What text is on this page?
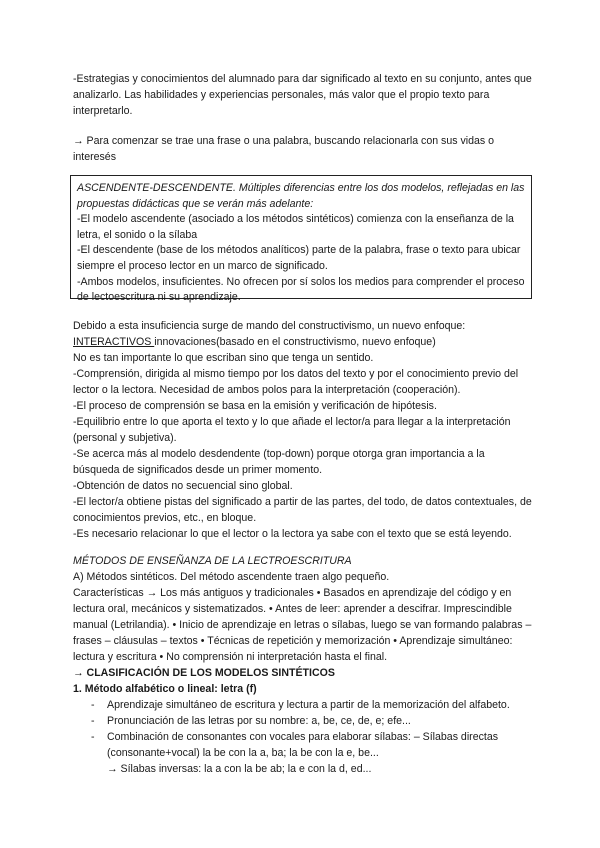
-Estrategias y conocimientos del alumnado para dar significado al texto en su conjunto, antes que analizarlo. Las habilidades y experiencias personales, más valor que el propio texto para interpretarlo.

→ Para comenzar se trae una frase o una palabra, buscando relacionarla con sus vidas o interesés

ASCENDENTE-DESCENDENTE. Múltiples diferencias entre los dos modelos, reflejadas en las propuestas didácticas que se verán más adelante:

-El modelo ascendente (asociado a los métodos sintéticos) comienza con la enseñanza de la letra, el sonido o la sílaba

-El descendente (base de los métodos analíticos) parte de la palabra, frase o texto para ubicar siempre el proceso lector en un marco de significado.

-Ambos modelos, insuficientes. No ofrecen por sí solos los medios para comprender el proceso de lectoescritura ni su aprendizaje.

Debido a esta insuficiencia surge de mando del constructivismo, un nuevo enfoque:

INTERACTIVOS innovaciones(basado en el constructivismo, nuevo enfoque)

No es tan importante lo que escriban sino que tenga un sentido.

-Comprensión, dirigida al mismo tiempo por los datos del texto y por el conocimiento previo del lector o la lectora. Necesidad de ambos polos para la interpretación (cooperación).

-El proceso de comprensión se basa en la emisión y verificación de hipótesis.

-Equilibrio entre lo que aporta el texto y lo que añade el lector/a para llegar a la interpretación (personal y subjetiva).

-Se acerca más al modelo desdendente (top-down) porque otorga gran importancia a la búsqueda de significados desde un primer momento.

-Obtención de datos no secuencial sino global.

-El lector/a obtiene pistas del significado a partir de las partes, del todo, de datos contextuales, de conocimientos previos, etc., en bloque.

-Es necesario relacionar lo que el lector o la lectora ya sabe con el texto que se está leyendo.

MÉTODOS DE ENSEÑANZA DE LA LECTROESCRITURA

A) Métodos sintéticos. Del método ascendente traen algo pequeño.

Características → Los más antiguos y tradicionales • Basados en aprendizaje del código y en lectura oral, mecánicos y sistematizados. • Antes de leer: aprender a descifrar. Imprescindible manual (Letrilandia). • Inicio de aprendizaje en letras o sílabas, luego se van formando palabras – frases – cláusulas – textos • Técnicas de repetición y memorización • Aprendizaje simultáneo: lectura y escritura • No comprensión ni interpretación hasta el final.

→ CLASIFICACIÓN DE LOS MODELOS SINTÉTICOS

1. Método alfabético o lineal: letra (f)

- Aprendizaje simultáneo de escritura y lectura a partir de la memorización del alfabeto.
- Pronunciación de las letras por su nombre: a, be, ce, de, e; efe...
- Combinación de consonantes con vocales para elaborar sílabas: – Sílabas directas (consonante+vocal) la be con la a, ba; la be con la e, be...
→ Sílabas inversas: la a con la be ab; la e con la d, ed...
